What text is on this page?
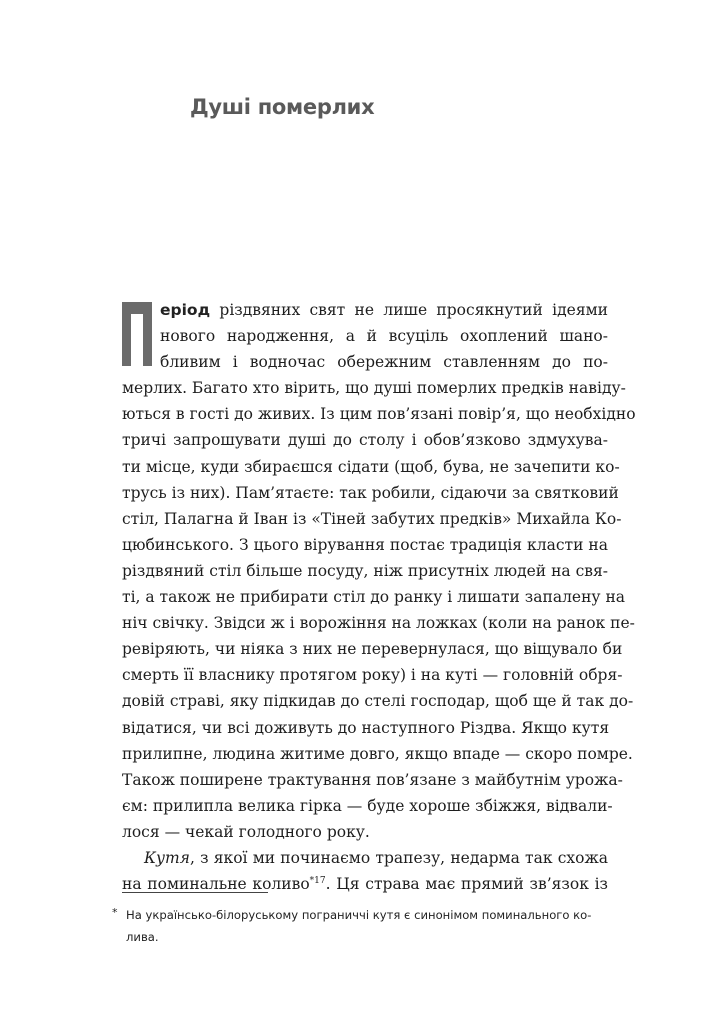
Душі померлих
еріод різдвяних свят не лише просякнутий ідеями
нового народження, а й всуціль охоплений шано-
бливим і водночас обережним ставленням до по-
мерлих. Багато хто вірить, що душі померлих предків навіду-
ються в гості до живих. Із цим пов’язані повір’я, що необхідно
тричі запрошувати душі до столу і обов’язково здмухува-
ти місце, куди збираєшся сідати (щоб, бува, не зачепити ко-
трусь із них). Пам’ятаєте: так робили, сідаючи за святковий
стіл, Палагна й Іван із «Тіней забутих предків» Михайла Ко-
цюбинського. З цього вірування постає традиція класти на
різдвяний стіл більше посуду, ніж присутніх людей на свя-
ті, а також не прибирати стіл до ранку і лишати запалену на
ніч свічку. Звідси ж і ворожіння на ложках (коли на ранок пе-
ревіряють, чи ніяка з них не перевернулася, що віщувало би
смерть її власнику протягом року) і на куті — головній обря-
довій страві, яку підкидав до стелі господар, щоб ще й так до-
відатися, чи всі доживуть до наступного Різдва. Якщо кутя
прилипне, людина житиме довго, якщо впаде — скоро помре.
Також поширене трактування пов’язане з майбутнім урожа-
єм: прилипла велика гірка — буде хороше збіжжя, відвали-
лося — чекай голодного року.
Кутя, з якої ми починаємо трапезу, недарма так схожа
на поминальне коливо$^{*17}$. Ця страва має прямий зв’язок із
* На українсько-білоруському пограниччі кутя є синонімом поминального ко-
лива.
